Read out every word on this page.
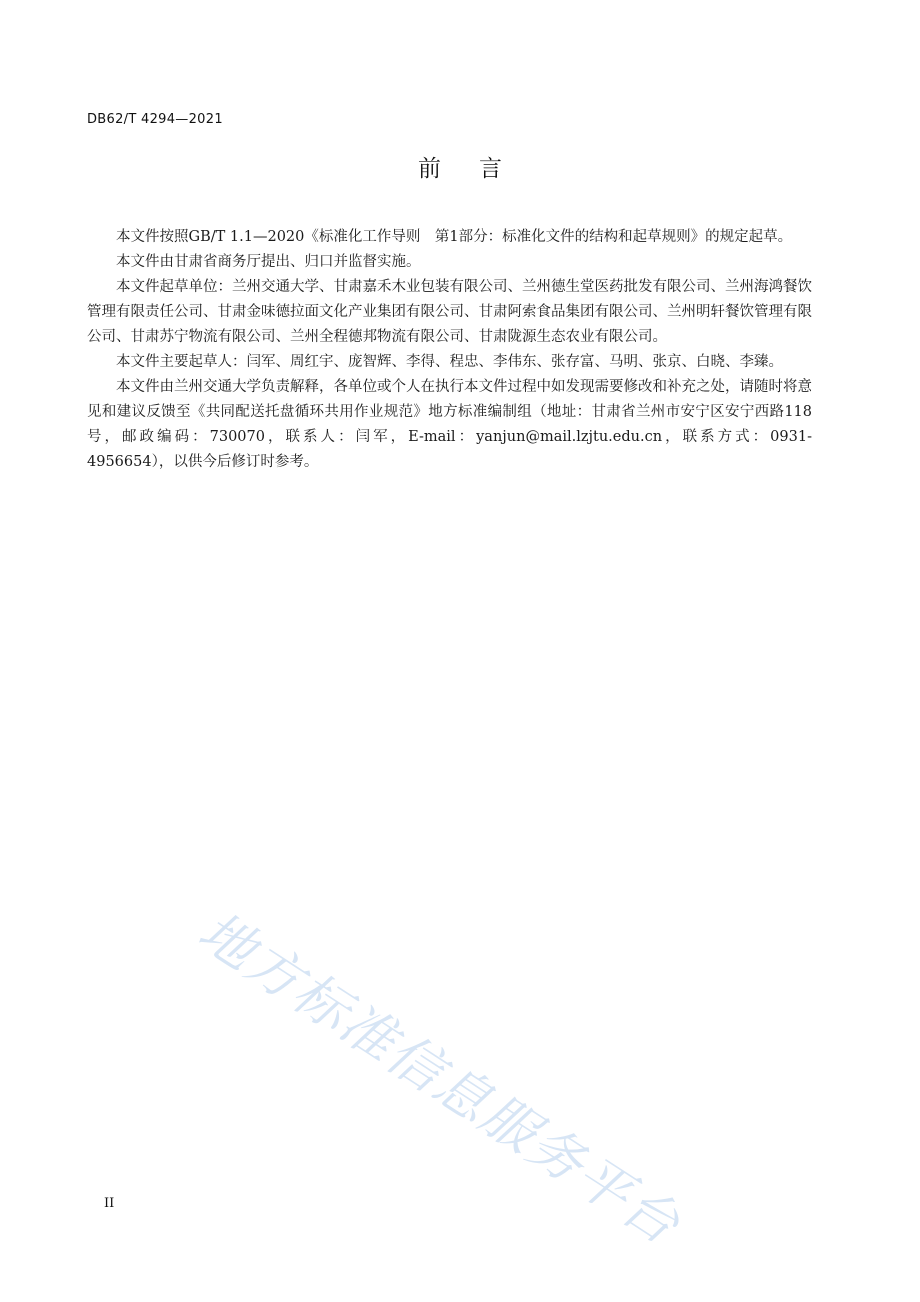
DB62/T 4294—2021
前言

本文件按照GB/T 1.1—2020《标准化工作导则　第1部分：标准化文件的结构和起草规则》的规定起草。

本文件由甘肃省商务厅提出、归口并监督实施。

本文件起草单位：兰州交通大学、甘肃嘉禾木业包装有限公司、兰州德生堂医药批发有限公司、兰州海鸿餐饮管理有限责任公司、甘肃金味德拉面文化产业集团有限公司、甘肃阿索食品集团有限公司、兰州明轩餐饮管理有限公司、甘肃苏宁物流有限公司、兰州全程德邦物流有限公司、甘肃陇源生态农业有限公司。

本文件主要起草人：闫军、周红宇、庞智辉、李得、程忠、李伟东、张存富、马明、张京、白晓、李臻。

本文件由兰州交通大学负责解释，各单位或个人在执行本文件过程中如发现需要修改和补充之处，请随时将意见和建议反馈至《共同配送托盘循环共用作业规范》地方标准编制组（地址：甘肃省兰州市安宁区安宁西路118号，邮政编码：730070，联系人：闫军，E-mail：yanjun@mail.lzjtu.edu.cn，联系方式：0931-4956654），以供今后修订时参考。

地方标准信息服务平台
II
